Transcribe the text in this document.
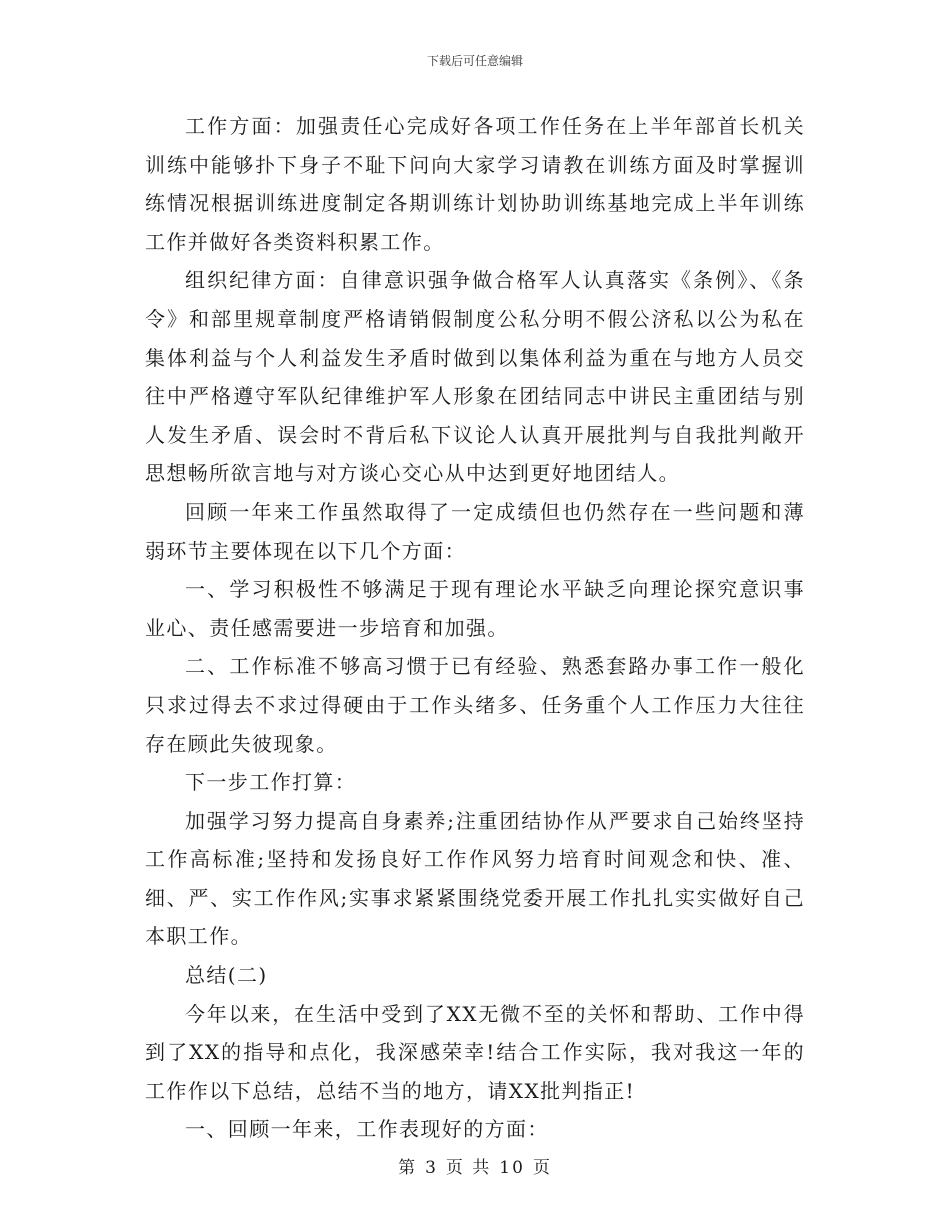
下载后可任意编辑

工作方面：加强责任心完成好各项工作任务在上半年部首长机关训练中能够扑下身子不耻下问向大家学习请教在训练方面及时掌握训练情况根据训练进度制定各期训练计划协助训练基地完成上半年训练工作并做好各类资料积累工作。

组织纪律方面：自律意识强争做合格军人认真落实《条例》、《条令》和部里规章制度严格请销假制度公私分明不假公济私以公为私在集体利益与个人利益发生矛盾时做到以集体利益为重在与地方人员交往中严格遵守军队纪律维护军人形象在团结同志中讲民主重团结与别人发生矛盾、误会时不背后私下议论人认真开展批判与自我批判敞开思想畅所欲言地与对方谈心交心从中达到更好地团结人。

回顾一年来工作虽然取得了一定成绩但也仍然存在一些问题和薄弱环节主要体现在以下几个方面：

一、学习积极性不够满足于现有理论水平缺乏向理论探究意识事业心、责任感需要进一步培育和加强。

二、工作标准不够高习惯于已有经验、熟悉套路办事工作一般化只求过得去不求过得硬由于工作头绪多、任务重个人工作压力大往往存在顾此失彼现象。

下一步工作打算：

加强学习努力提高自身素养;注重团结协作从严要求自己始终坚持工作高标准;坚持和发扬良好工作作风努力培育时间观念和快、准、细、严、实工作作风;实事求紧紧围绕党委开展工作扎扎实实做好自己本职工作。

总结(二)

今年以来，在生活中受到了XX无微不至的关怀和帮助、工作中得到了XX的指导和点化，我深感荣幸!结合工作实际，我对我这一年的工作作以下总结，总结不当的地方，请XX批判指正!

一、回顾一年来，工作表现好的方面：

第 3 页 共 10 页
